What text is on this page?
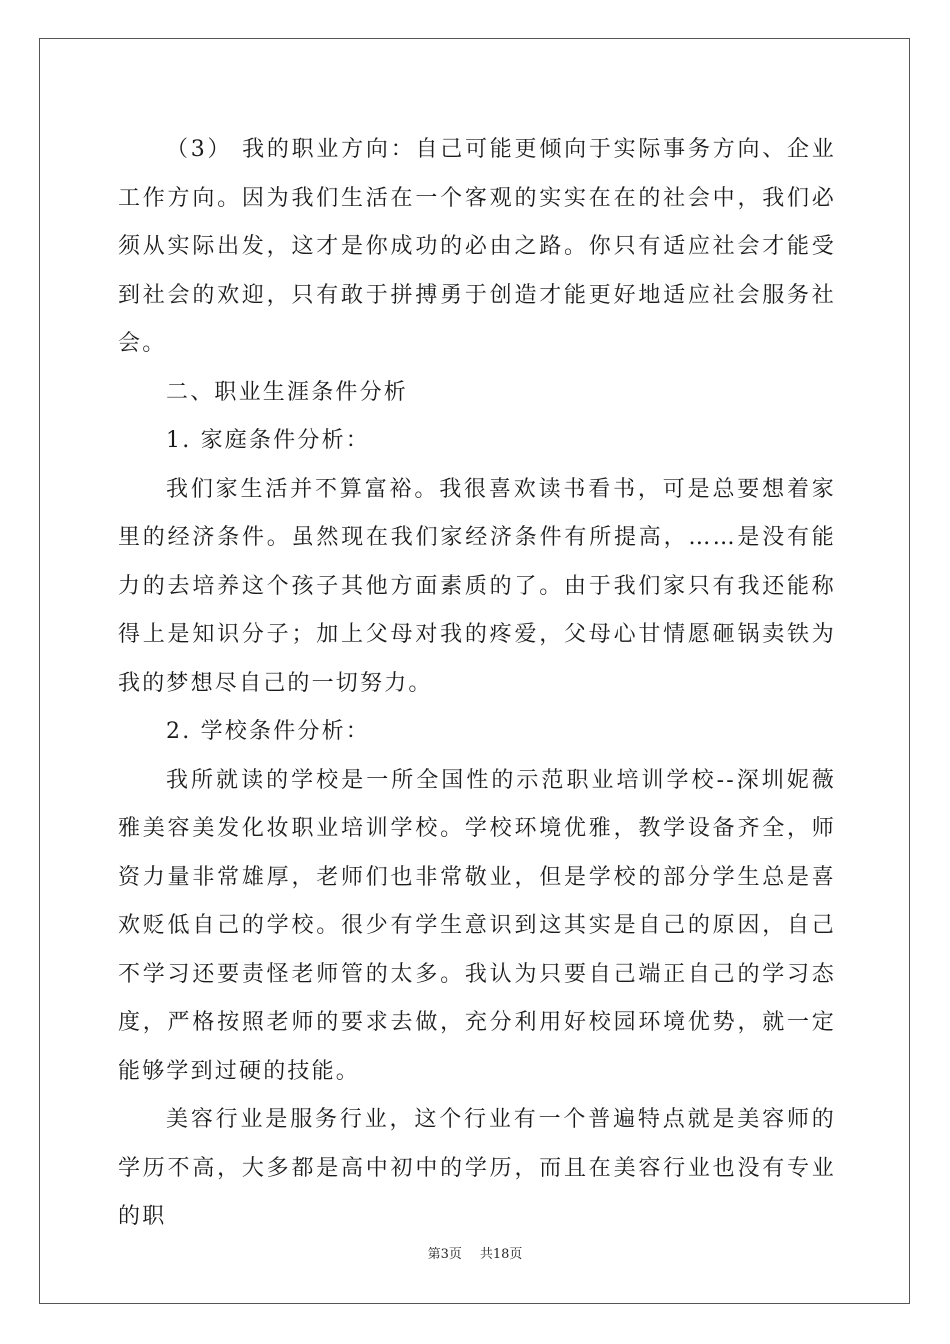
（3） 我的职业方向：自己可能更倾向于实际事务方向、企业工作方向。因为我们生活在一个客观的实实在在的社会中，我们必须从实际出发，这才是你成功的必由之路。你只有适应社会才能受到社会的欢迎，只有敢于拼搏勇于创造才能更好地适应社会服务社会。

二、职业生涯条件分析

1. 家庭条件分析：

我们家生活并不算富裕。我很喜欢读书看书，可是总要想着家里的经济条件。虽然现在我们家经济条件有所提高，……是没有能力的去培养这个孩子其他方面素质的了。由于我们家只有我还能称得上是知识分子；加上父母对我的疼爱，父母心甘情愿砸锅卖铁为我的梦想尽自己的一切努力。

2. 学校条件分析：

我所就读的学校是一所全国性的示范职业培训学校--深圳妮薇雅美容美发化妆职业培训学校。学校环境优雅，教学设备齐全，师资力量非常雄厚，老师们也非常敬业，但是学校的部分学生总是喜欢贬低自己的学校。很少有学生意识到这其实是自己的原因，自己不学习还要责怪老师管的太多。我认为只要自己端正自己的学习态度，严格按照老师的要求去做，充分利用好校园环境优势，就一定能够学到过硬的技能。

美容行业是服务行业，这个行业有一个普遍特点就是美容师的学历不高，大多都是高中初中的学历，而且在美容行业也没有专业的职

第3页 共18页
